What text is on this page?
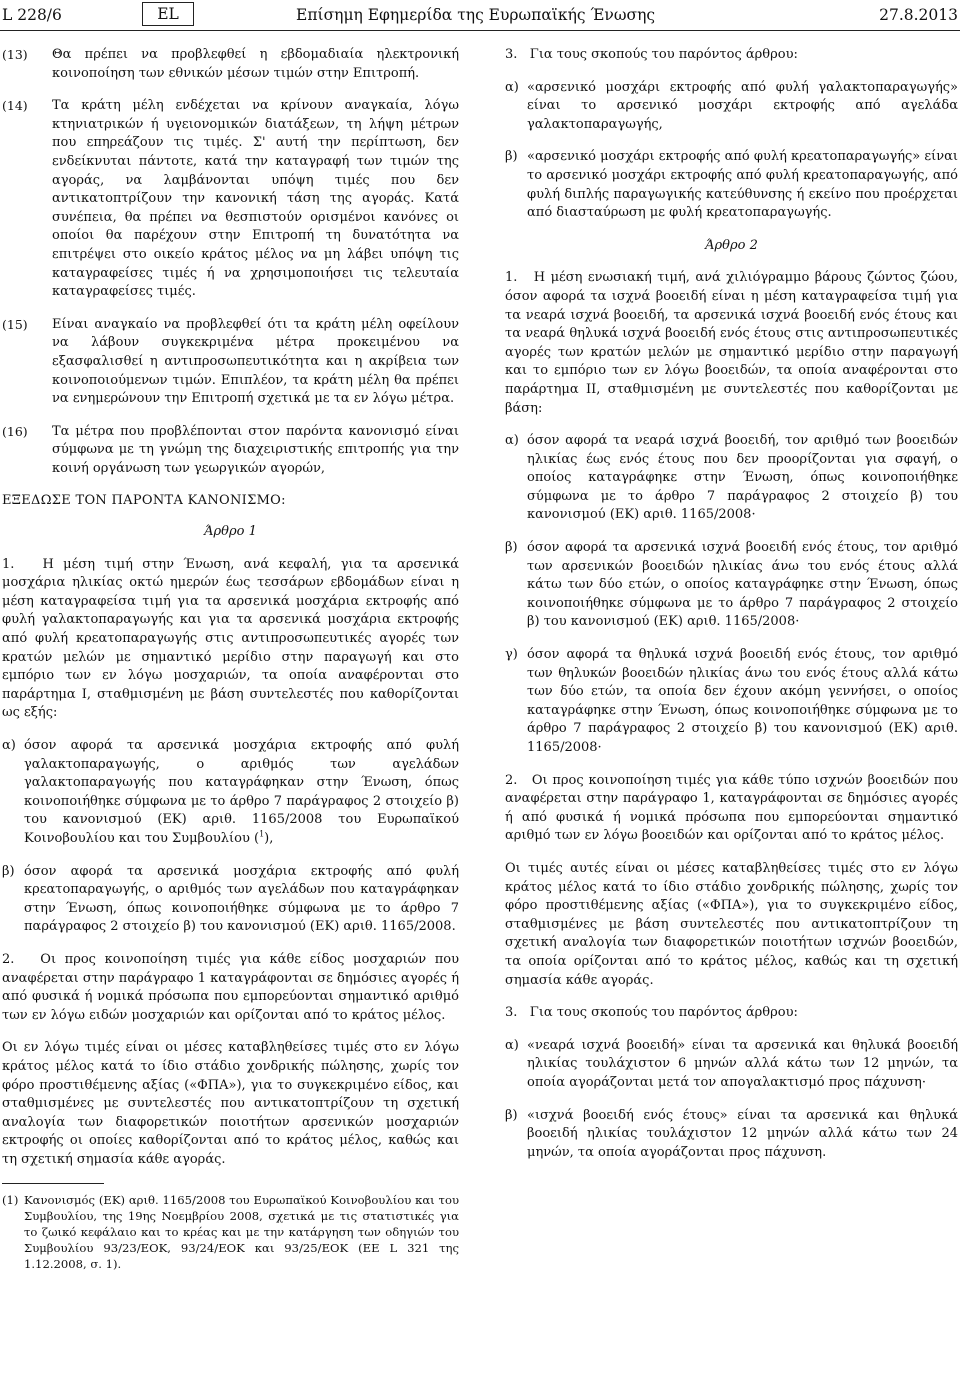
L 228/6	EL	Επίσημη Εφημερίδα της Ευρωπαϊκής Ένωσης	27.8.2013
(13) Θα πρέπει να προβλεφθεί η εβδομαδιαία ηλεκτρονική κοινοποίηση των εθνικών μέσων τιμών στην Επιτροπή.

(14) Τα κράτη μέλη ενδέχεται να κρίνουν αναγκαία, λόγω κτηνιατρικών ή υγειονομικών διατάξεων, τη λήψη μέτρων που επηρεάζουν τις τιμές. Σ' αυτή την περίπτωση, δεν ενδείκνυται πάντοτε, κατά την καταγραφή των τιμών της αγοράς, να λαμβάνονται υπόψη τιμές που δεν αντικατοπτρίζουν την κανονική τάση της αγοράς. Κατά συνέπεια, θα πρέπει να θεσπιστούν ορισμένοι κανόνες οι οποίοι θα παρέχουν στην Επιτροπή τη δυνατότητα να επιτρέψει στο οικείο κράτος μέλος να μη λάβει υπόψη τις καταγραφείσες τιμές ή να χρησιμοποιήσει τις τελευταία καταγραφείσες τιμές.

(15) Είναι αναγκαίο να προβλεφθεί ότι τα κράτη μέλη οφείλουν να λάβουν συγκεκριμένα μέτρα προκειμένου να εξασφαλισθεί η αντιπροσωπευτικότητα και η ακρίβεια των κοινοποιούμενων τιμών. Επιπλέον, τα κράτη μέλη θα πρέπει να ενημερώνουν την Επιτροπή σχετικά με τα εν λόγω μέτρα.

(16) Τα μέτρα που προβλέπονται στον παρόντα κανονισμό είναι σύμφωνα με τη γνώμη της διαχειριστικής επιτροπής για την κοινή οργάνωση των γεωργικών αγορών,

ΕΞΕΔΩΣΕ ΤΟΝ ΠΑΡΟΝΤΑ ΚΑΝΟΝΙΣΜΟ:

Άρθρο 1

1.   Η μέση τιμή στην Ένωση, ανά κεφαλή, για τα αρσενικά μοσχάρια ηλικίας οκτώ ημερών έως τεσσάρων εβδομάδων είναι η μέση καταγραφείσα τιμή για τα αρσενικά μοσχάρια εκτροφής από φυλή γαλακτοπαραγωγής και για τα αρσενικά μοσχάρια εκτροφής από φυλή κρεατοπαραγωγής στις αντιπροσωπευτικές αγορές των κρατών μελών με σημαντικό μερίδιο στην παραγωγή και στο εμπόριο των εν λόγω μοσχαριών, τα οποία αναφέρονται στο παράρτημα I, σταθμισμένη με βάση συντελεστές που καθορίζονται ως εξής:

α) όσον αφορά τα αρσενικά μοσχάρια εκτροφής από φυλή γαλακτοπαραγωγής, ο αριθμός των αγελάδων γαλακτοπαραγωγής που καταγράφηκαν στην Ένωση, όπως κοινοποιήθηκε σύμφωνα με το άρθρο 7 παράγραφος 2 στοιχείο β) του κανονισμού (ΕΚ) αριθ. 1165/2008 του Ευρωπαϊκού Κοινοβουλίου και του Συμβουλίου ($^1$),

β) όσον αφορά τα αρσενικά μοσχάρια εκτροφής από φυλή κρεατοπαραγωγής, ο αριθμός των αγελάδων που καταγράφηκαν στην Ένωση, όπως κοινοποιήθηκε σύμφωνα με το άρθρο 7 παράγραφος 2 στοιχείο β) του κανονισμού (ΕΚ) αριθ. 1165/2008.

2.   Οι προς κοινοποίηση τιμές για κάθε είδος μοσχαριών που αναφέρεται στην παράγραφο 1 καταγράφονται σε δημόσιες αγορές ή από φυσικά ή νομικά πρόσωπα που εμπορεύονται σημαντικό αριθμό των εν λόγω ειδών μοσχαριών και ορίζονται από το κράτος μέλος.

Οι εν λόγω τιμές είναι οι μέσες καταβληθείσες τιμές στο εν λόγω κράτος μέλος κατά το ίδιο στάδιο χονδρικής πώλησης, χωρίς τον φόρο προστιθέμενης αξίας («ΦΠΑ»), για το συγκεκριμένο είδος, και σταθμισμένες με συντελεστές που αντικατοπτρίζουν τη σχετική αναλογία των διαφορετικών ποιοτήτων αρσενικών μοσχαριών εκτροφής οι οποίες καθορίζονται από το κράτος μέλος, καθώς και τη σχετική σημασία κάθε αγοράς.

(1) Κανονισμός (ΕΚ) αριθ. 1165/2008 του Ευρωπαϊκού Κοινοβουλίου και του Συμβουλίου, της 19ης Νοεμβρίου 2008, σχετικά με τις στατιστικές για το ζωικό κεφάλαιο και το κρέας και με την κατάργηση των οδηγιών του Συμβουλίου 93/23/ΕΟΚ, 93/24/ΕΟΚ και 93/25/ΕΟΚ (ΕΕ L 321 της 1.12.2008, σ. 1).

3.   Για τους σκοπούς του παρόντος άρθρου:

α) «αρσενικό μοσχάρι εκτροφής από φυλή γαλακτοπαραγωγής» είναι το αρσενικό μοσχάρι εκτροφής από αγελάδα γαλακτοπαραγωγής,

β) «αρσενικό μοσχάρι εκτροφής από φυλή κρεατοπαραγωγής» είναι το αρσενικό μοσχάρι εκτροφής από φυλή κρεατοπαραγωγής, από φυλή διπλής παραγωγικής κατεύθυνσης ή εκείνο που προέρχεται από διασταύρωση με φυλή κρεατοπαραγωγής.

Άρθρο 2

1.   Η μέση ενωσιακή τιμή, ανά χιλιόγραμμο βάρους ζώντος ζώου, όσον αφορά τα ισχνά βοοειδή είναι η μέση καταγραφείσα τιμή για τα νεαρά ισχνά βοοειδή, τα αρσενικά ισχνά βοοειδή ενός έτους και τα νεαρά θηλυκά ισχνά βοοειδή ενός έτους στις αντιπροσωπευτικές αγορές των κρατών μελών με σημαντικό μερίδιο στην παραγωγή και το εμπόριο των εν λόγω βοοειδών, τα οποία αναφέρονται στο παράρτημα II, σταθμισμένη με συντελεστές που καθορίζονται με βάση:

α) όσον αφορά τα νεαρά ισχνά βοοειδή, τον αριθμό των βοοειδών ηλικίας έως ενός έτους που δεν προορίζονται για σφαγή, ο οποίος καταγράφηκε στην Ένωση, όπως κοινοποιήθηκε σύμφωνα με το άρθρο 7 παράγραφος 2 στοιχείο β) του κανονισμού (ΕΚ) αριθ. 1165/2008·

β) όσον αφορά τα αρσενικά ισχνά βοοειδή ενός έτους, τον αριθμό των αρσενικών βοοειδών ηλικίας άνω του ενός έτους αλλά κάτω των δύο ετών, ο οποίος καταγράφηκε στην Ένωση, όπως κοινοποιήθηκε σύμφωνα με το άρθρο 7 παράγραφος 2 στοιχείο β) του κανονισμού (ΕΚ) αριθ. 1165/2008·

γ) όσον αφορά τα θηλυκά ισχνά βοοειδή ενός έτους, τον αριθμό των θηλυκών βοοειδών ηλικίας άνω του ενός έτους αλλά κάτω των δύο ετών, τα οποία δεν έχουν ακόμη γεννήσει, ο οποίος καταγράφηκε στην Ένωση, όπως κοινοποιήθηκε σύμφωνα με το άρθρο 7 παράγραφος 2 στοιχείο β) του κανονισμού (ΕΚ) αριθ. 1165/2008·

2.   Οι προς κοινοποίηση τιμές για κάθε τύπο ισχνών βοοειδών που αναφέρεται στην παράγραφο 1, καταγράφονται σε δημόσιες αγορές ή από φυσικά ή νομικά πρόσωπα που εμπορεύονται σημαντικό αριθμό των εν λόγω βοοειδών και ορίζονται από το κράτος μέλος.

Οι τιμές αυτές είναι οι μέσες καταβληθείσες τιμές στο εν λόγω κράτος μέλος κατά το ίδιο στάδιο χονδρικής πώλησης, χωρίς τον φόρο προστιθέμενης αξίας («ΦΠΑ»), για το συγκεκριμένο είδος, σταθμισμένες με βάση συντελεστές που αντικατοπτρίζουν τη σχετική αναλογία των διαφορετικών ποιοτήτων ισχνών βοοειδών, τα οποία ορίζονται από το κράτος μέλος, καθώς και τη σχετική σημασία κάθε αγοράς.

3.   Για τους σκοπούς του παρόντος άρθρου:

α) «νεαρά ισχνά βοοειδή» είναι τα αρσενικά και θηλυκά βοοειδή ηλικίας τουλάχιστον 6 μηνών αλλά κάτω των 12 μηνών, τα οποία αγοράζονται μετά τον απογαλακτισμό προς πάχυνση·

β) «ισχνά βοοειδή ενός έτους» είναι τα αρσενικά και θηλυκά βοοειδή ηλικίας τουλάχιστον 12 μηνών αλλά κάτω των 24 μηνών, τα οποία αγοράζονται προς πάχυνση.
